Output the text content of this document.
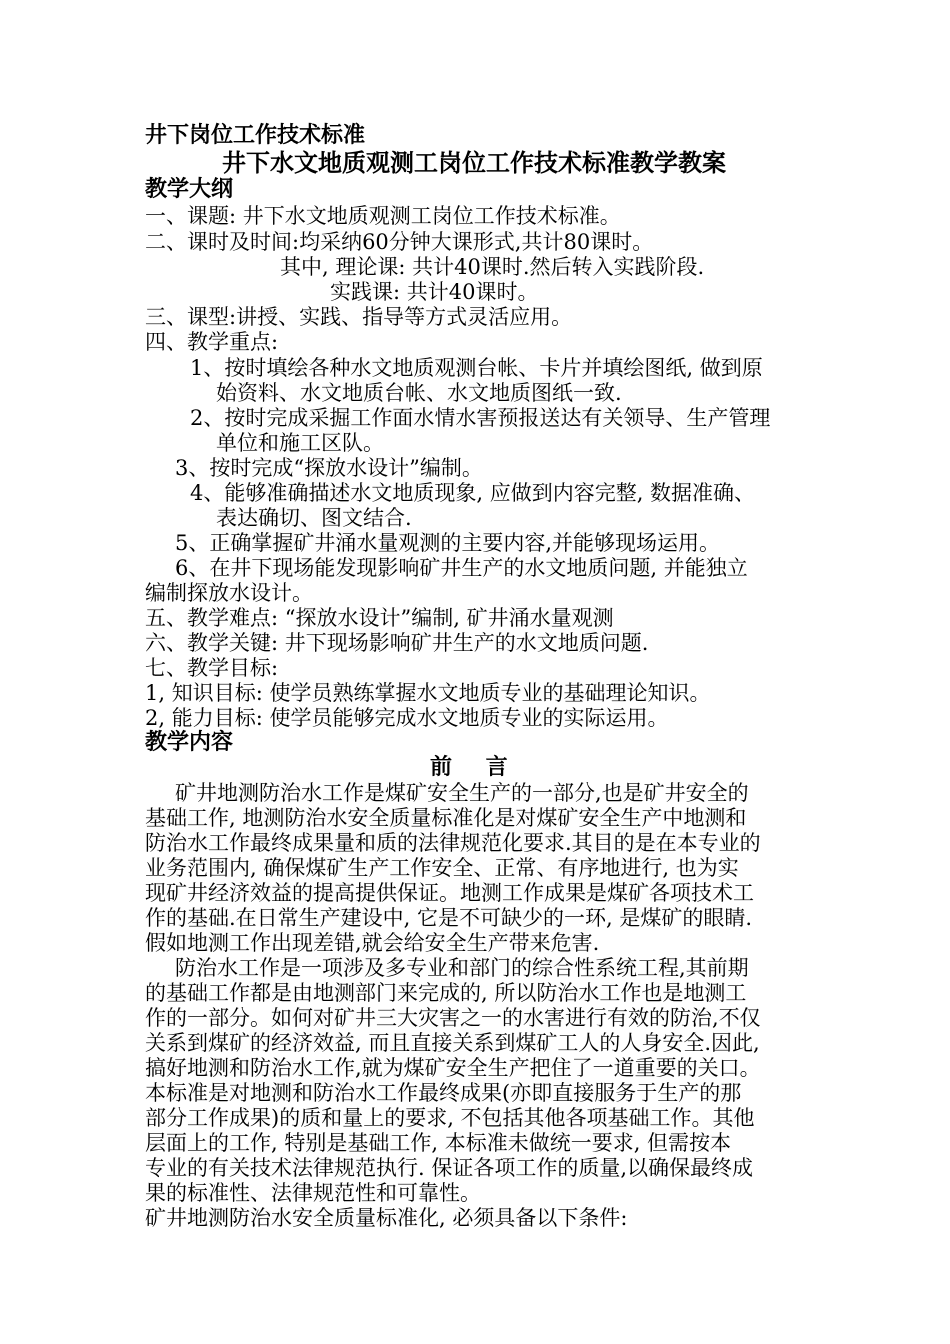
井下岗位工作技术标准
井下水文地质观测工岗位工作技术标准教学教案
教学大纲
一、课题: 井下水文地质观测工岗位工作技术标准。
二、课时及时间:均采纳60分钟大课形式,共计80课时。
其中, 理论课: 共计40课时.然后转入实践阶段.
实践课: 共计40课时。
三、课型:讲授、实践、指导等方式灵活应用。
四、教学重点:
1、按时填绘各种水文地质观测台帐、卡片并填绘图纸, 做到原
始资料、水文地质台帐、水文地质图纸一致.
2、按时完成采掘工作面水情水害预报送达有关领导、生产管理
单位和施工区队。
3、按时完成“探放水设计”编制。
4、能够准确描述水文地质现象, 应做到内容完整, 数据准确、
表达确切、图文结合.
5、正确掌握矿井涌水量观测的主要内容,并能够现场运用。
6、在井下现场能发现影响矿井生产的水文地质问题, 并能独立
编制探放水设计。
五、教学难点: “探放水设计”编制, 矿井涌水量观测
六、教学关键: 井下现场影响矿井生产的水文地质问题.
七、教学目标:
1, 知识目标: 使学员熟练掌握水文地质专业的基础理论知识。
2, 能力目标: 使学员能够完成水文地质专业的实际运用。
教学内容
前 言
矿井地测防治水工作是煤矿安全生产的一部分,也是矿井安全的
基础工作, 地测防治水安全质量标准化是对煤矿安全生产中地测和
防治水工作最终成果量和质的法律规范化要求.其目的是在本专业的
业务范围内, 确保煤矿生产工作安全、正常、有序地进行, 也为实
现矿井经济效益的提高提供保证。地测工作成果是煤矿各项技术工
作的基础.在日常生产建设中, 它是不可缺少的一环, 是煤矿的眼睛.
假如地测工作出现差错,就会给安全生产带来危害.
防治水工作是一项涉及多专业和部门的综合性系统工程,其前期
的基础工作都是由地测部门来完成的, 所以防治水工作也是地测工
作的一部分。如何对矿井三大灾害之一的水害进行有效的防治,不仅
关系到煤矿的经济效益, 而且直接关系到煤矿工人的人身安全.因此,
搞好地测和防治水工作,就为煤矿安全生产把住了一道重要的关口。
本标准是对地测和防治水工作最终成果(亦即直接服务于生产的那
部分工作成果)的质和量上的要求, 不包括其他各项基础工作。其他
层面上的工作, 特别是基础工作, 本标准未做统一要求, 但需按本
专业的有关技术法律规范执行. 保证各项工作的质量,以确保最终成
果的标准性、法律规范性和可靠性。
矿井地测防治水安全质量标准化, 必须具备以下条件:
